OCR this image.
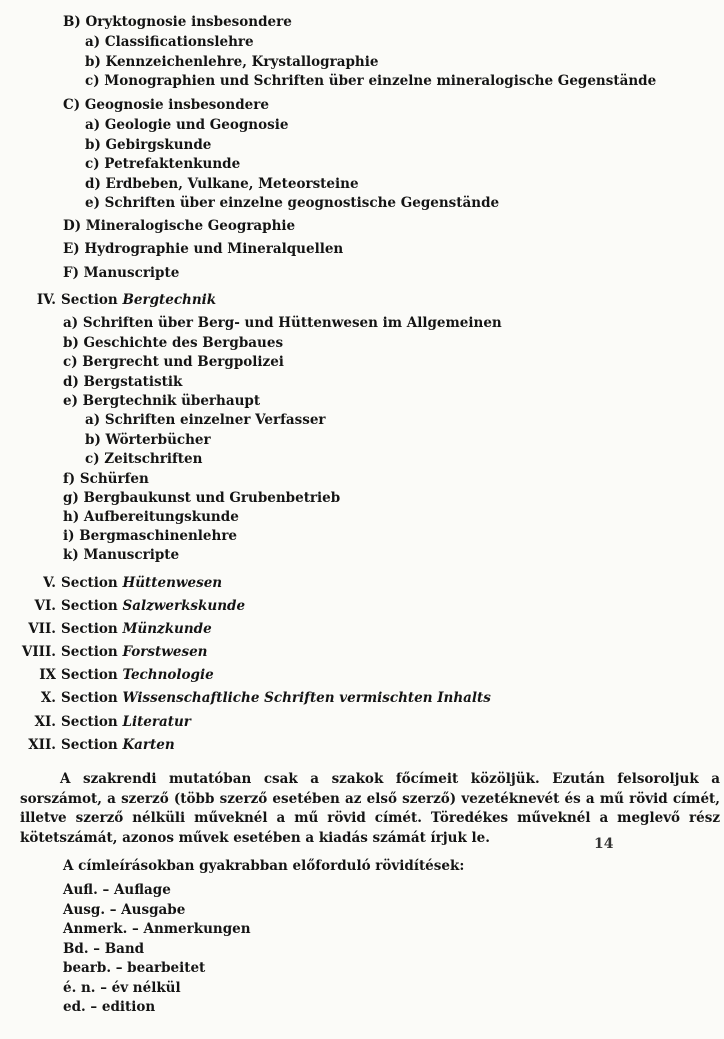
B) Oryktognosie insbesondere
a) Classificationslehre
b) Kennzeichenlehre, Krystallographie
c) Monographien und Schriften über einzelne mineralogische Gegenstände
C) Geognosie insbesondere
a) Geologie und Geognosie
b) Gebirgskunde
c) Petrefaktenkunde
d) Erdbeben, Vulkane, Meteorsteine
e) Schriften über einzelne geognostische Gegenstände
D) Mineralogische Geographie
E) Hydrographie und Mineralquellen
F) Manuscripte
IV. Section Bergtechnik
a) Schriften über Berg- und Hüttenwesen im Allgemeinen
b) Geschichte des Bergbaues
c) Bergrecht und Bergpolizei
d) Bergstatistik
e) Bergtechnik überhaupt
a) Schriften einzelner Verfasser
b) Wörterbücher
c) Zeitschriften
f) Schürfen
g) Bergbaukunst und Grubenbetrieb
h) Aufbereitungskunde
i) Bergmaschinenlehre
k) Manuscripte
V. Section Hüttenwesen
VI. Section Salzwerkskunde
VII. Section Münzkunde
VIII. Section Forstwesen
IX Section Technologie
X. Section Wissenschaftliche Schriften vermischten Inhalts
XI. Section Literatur
XII. Section Karten
A szakrendi mutatóban csak a szakok főcímeit közöljük. Ezután felsoroljuk a sorszámot, a szerző (több szerző esetében az első szerző) vezetéknevét és a mű rövid címét, illetve szerző nélküli műveknél a mű rövid címét. Töredékes műveknél a meglevő rész kötetszámát, azonos művek esetében a kiadás számát írjuk le.	14
A címleírásokban gyakrabban előforduló rövidítések:
Aufl. – Auflage
Ausg. – Ausgabe
Anmerk. – Anmerkungen
Bd. – Band
bearb. – bearbeitet
é. n. – év nélkül
ed. – edition
